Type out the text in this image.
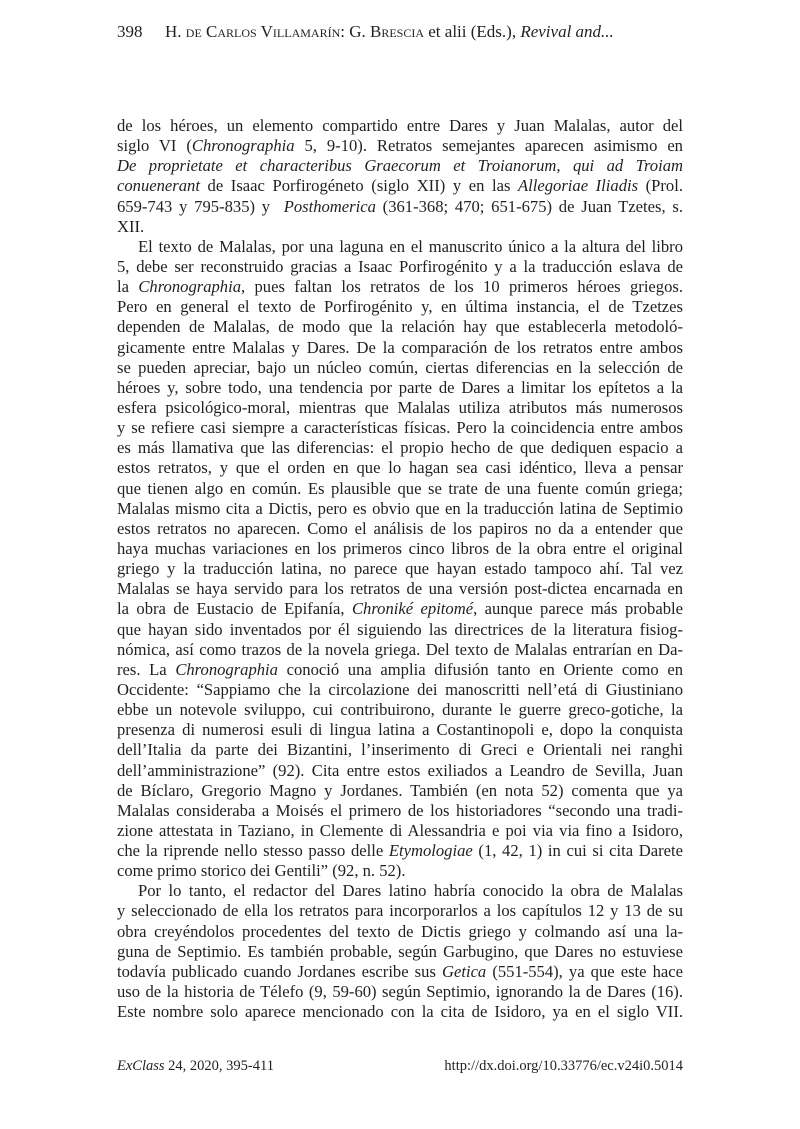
398 H. de Carlos Villamarín: G. Brescia et alii (Eds.), Revival and...
de los héroes, un elemento compartido entre Dares y Juan Malalas, autor del
siglo VI (Chronographia 5, 9-10). Retratos semejantes aparecen asimismo en
De proprietate et characteribus Graecorum et Troianorum, qui ad Troiam
conuenerant de Isaac Porfirogéneto (siglo XII) y en las Allegoriae Iliadis (Prol.
659-743 y 795-835) y  Posthomerica (361-368; 470; 651-675) de Juan Tzetes, s.
XII.
El texto de Malalas, por una laguna en el manuscrito único a la altura del libro
5, debe ser reconstruido gracias a Isaac Porfirogénito y a la traducción eslava de
la Chronographia, pues faltan los retratos de los 10 primeros héroes griegos.
Pero en general el texto de Porfirogénito y, en última instancia, el de Tzetzes
dependen de Malalas, de modo que la relación hay que establecerla metodoló-
gicamente entre Malalas y Dares. De la comparación de los retratos entre ambos
se pueden apreciar, bajo un núcleo común, ciertas diferencias en la selección de
héroes y, sobre todo, una tendencia por parte de Dares a limitar los epítetos a la
esfera psicológico-moral, mientras que Malalas utiliza atributos más numerosos
y se refiere casi siempre a características físicas. Pero la coincidencia entre ambos
es más llamativa que las diferencias: el propio hecho de que dediquen espacio a
estos retratos, y que el orden en que lo hagan sea casi idéntico, lleva a pensar
que tienen algo en común. Es plausible que se trate de una fuente común griega;
Malalas mismo cita a Dictis, pero es obvio que en la traducción latina de Septimio
estos retratos no aparecen. Como el análisis de los papiros no da a entender que
haya muchas variaciones en los primeros cinco libros de la obra entre el original
griego y la traducción latina, no parece que hayan estado tampoco ahí. Tal vez
Malalas se haya servido para los retratos de una versión post-dictea encarnada en
la obra de Eustacio de Epifanía, Chroniké epitomé, aunque parece más probable
que hayan sido inventados por él siguiendo las directrices de la literatura fisiog-
nómica, así como trazos de la novela griega. Del texto de Malalas entrarían en Da-
res. La Chronographia conoció una amplia difusión tanto en Oriente como en
Occidente: “Sappiamo che la circolazione dei manoscritti nell’etá di Giustiniano
ebbe un notevole sviluppo, cui contribuirono, durante le guerre greco-gotiche, la
presenza di numerosi esuli di lingua latina a Costantinopoli e, dopo la conquista
dell’Italia da parte dei Bizantini, l’inserimento di Greci e Orientali nei ranghi
dell’amministrazione” (92). Cita entre estos exiliados a Leandro de Sevilla, Juan
de Bíclaro, Gregorio Magno y Jordanes. También (en nota 52) comenta que ya
Malalas consideraba a Moisés el primero de los historiadores “secondo una tradi-
zione attestata in Taziano, in Clemente di Alessandria e poi via via fino a Isidoro,
che la riprende nello stesso passo delle Etymologiae (1, 42, 1) in cui si cita Darete
come primo storico dei Gentili” (92, n. 52).
Por lo tanto, el redactor del Dares latino habría conocido la obra de Malalas
y seleccionado de ella los retratos para incorporarlos a los capítulos 12 y 13 de su
obra creyéndolos procedentes del texto de Dictis griego y colmando así una la-
guna de Septimio. Es también probable, según Garbugino, que Dares no estuviese
todavía publicado cuando Jordanes escribe sus Getica (551-554), ya que este hace
uso de la historia de Télefo (9, 59-60) según Septimio, ignorando la de Dares (16).
Este nombre solo aparece mencionado con la cita de Isidoro, ya en el siglo VII.
ExClass 24, 2020, 395-411	http://dx.doi.org/10.33776/ec.v24i0.5014
